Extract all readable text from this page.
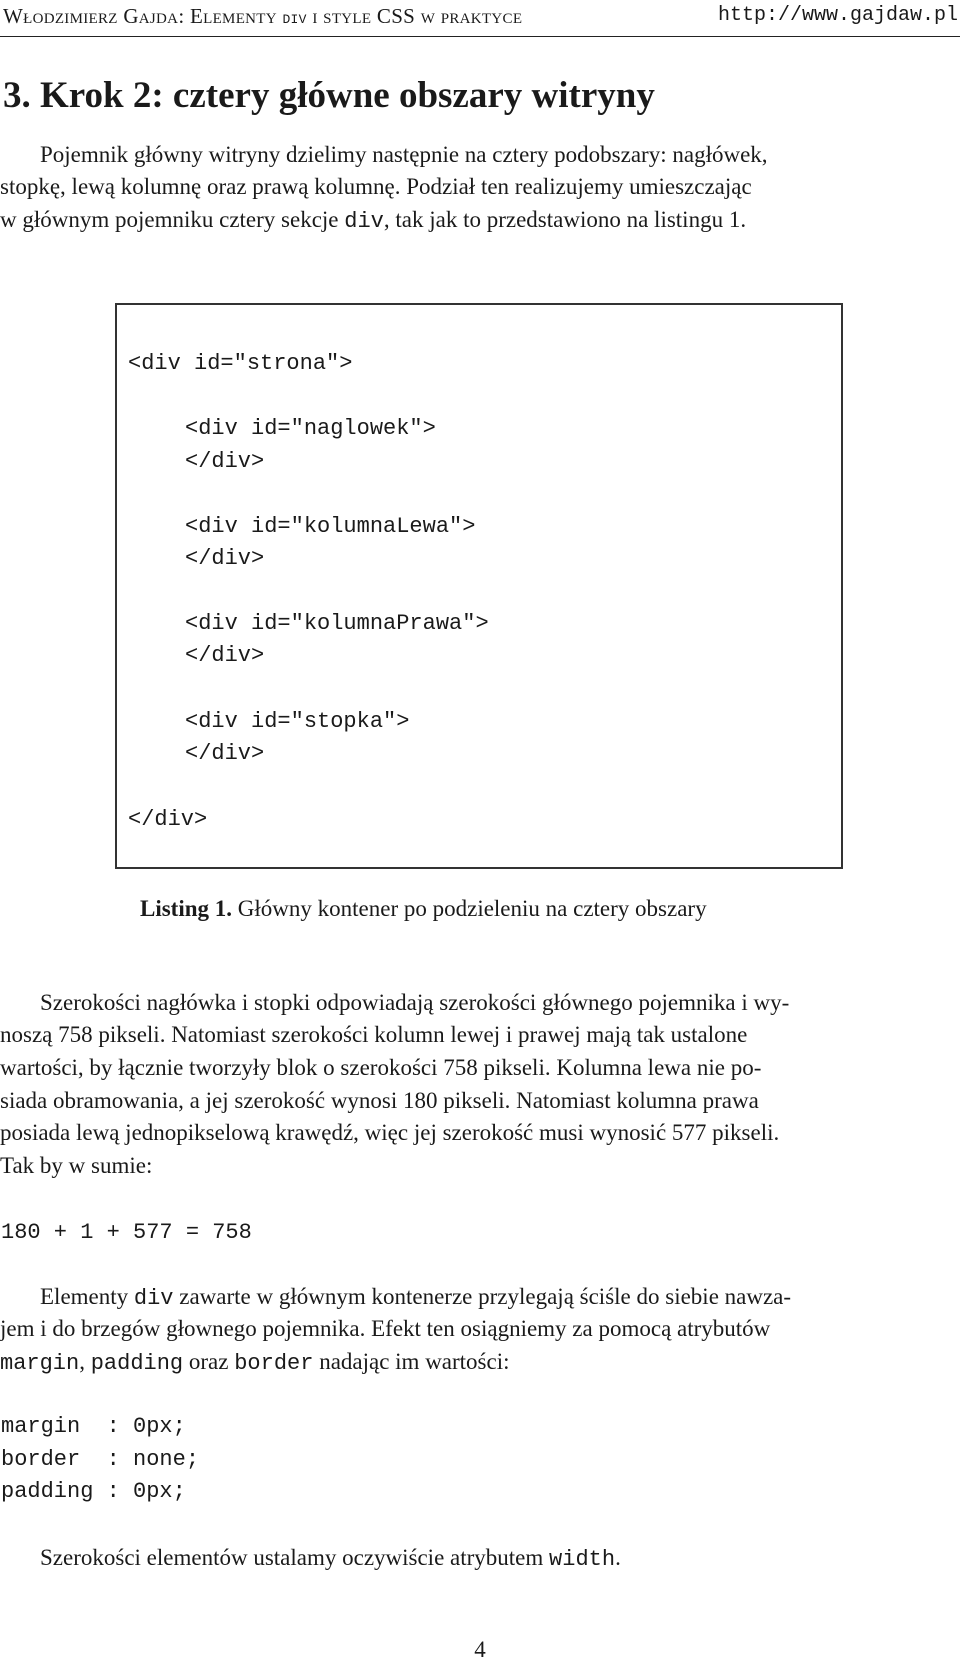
Włodzimierz Gajda: Elementy div i style CSS w praktyce	http://www.gajdaw.pl
3. Krok 2: cztery główne obszary witryny
Pojemnik główny witryny dzielimy następnie na cztery podobszary: nagłówek,
stopkę, lewą kolumnę oraz prawą kolumnę. Podział ten realizujemy umieszczając
w głównym pojemniku cztery sekcje div, tak jak to przedstawiono na listingu 1.
<div id="strona">
<div id="naglowek">
</div>
<div id="kolumnaLewa">
</div>
<div id="kolumnaPrawa">
</div>
<div id="stopka">
</div>
</div>
Listing 1. Główny kontener po podzieleniu na cztery obszary
Szerokości nagłówka i stopki odpowiadają szerokości głównego pojemnika i wy-
noszą 758 pikseli. Natomiast szerokości kolumn lewej i prawej mają tak ustalone
wartości, by łącznie tworzyły blok o szerokości 758 pikseli. Kolumna lewa nie po-
siada obramowania, a jej szerokość wynosi 180 pikseli. Natomiast kolumna prawa
posiada lewą jednopikselową krawędź, więc jej szerokość musi wynosić 577 pikseli.
Tak by w sumie:
180 + 1 + 577 = 758
Elementy div zawarte w głównym kontenerze przylegają ściśle do siebie nawza-
jem i do brzegów głownego pojemnika. Efekt ten osiągniemy za pomocą atrybutów
margin, padding oraz border nadając im wartości:
margin  : 0px;
border  : none;
padding : 0px;
Szerokości elementów ustalamy oczywiście atrybutem width.
4
